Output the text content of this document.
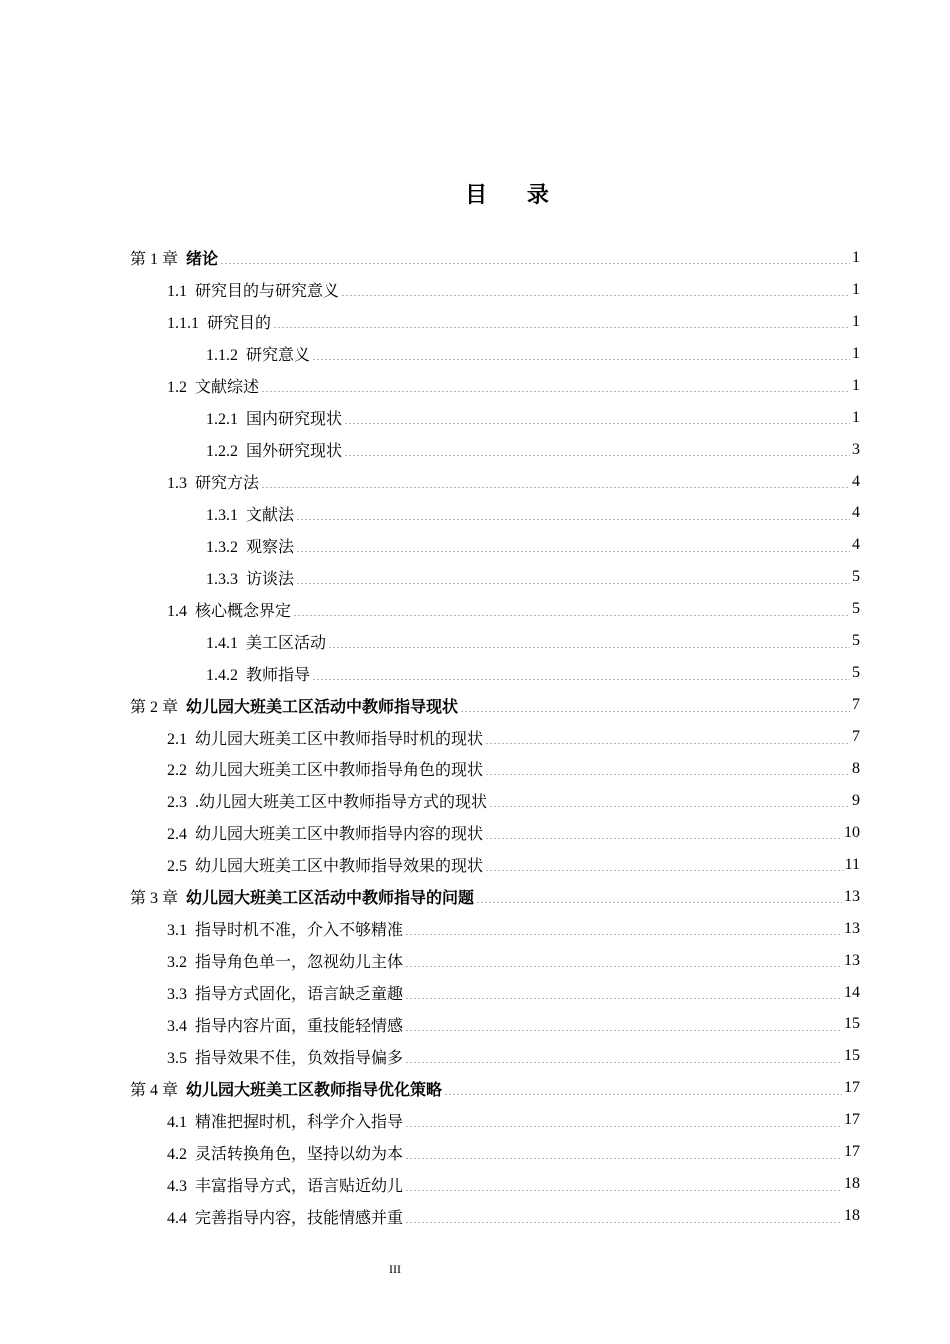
目 录
第 1 章 绪论	1
1.1 研究目的与研究意义	1
1.1.1 研究目的	1
1.1.2 研究意义	1
1.2 文献综述	1
1.2.1 国内研究现状	1
1.2.2 国外研究现状	3
1.3 研究方法	4
1.3.1 文献法	4
1.3.2 观察法	4
1.3.3 访谈法	5
1.4 核心概念界定	5
1.4.1 美工区活动	5
1.4.2 教师指导	5
第 2 章 幼儿园大班美工区活动中教师指导现状	7
2.1 幼儿园大班美工区中教师指导时机的现状	7
2.2 幼儿园大班美工区中教师指导角色的现状	8
2.3 .幼儿园大班美工区中教师指导方式的现状	9
2.4 幼儿园大班美工区中教师指导内容的现状	10
2.5 幼儿园大班美工区中教师指导效果的现状	11
第 3 章 幼儿园大班美工区活动中教师指导的问题	13
3.1 指导时机不准，介入不够精准	13
3.2 指导角色单一，忽视幼儿主体	13
3.3 指导方式固化，语言缺乏童趣	14
3.4 指导内容片面，重技能轻情感	15
3.5 指导效果不佳，负效指导偏多	15
第 4 章 幼儿园大班美工区教师指导优化策略	17
4.1 精准把握时机，科学介入指导	17
4.2 灵活转换角色，坚持以幼为本	17
4.3 丰富指导方式，语言贴近幼儿	18
4.4 完善指导内容，技能情感并重	18
III
